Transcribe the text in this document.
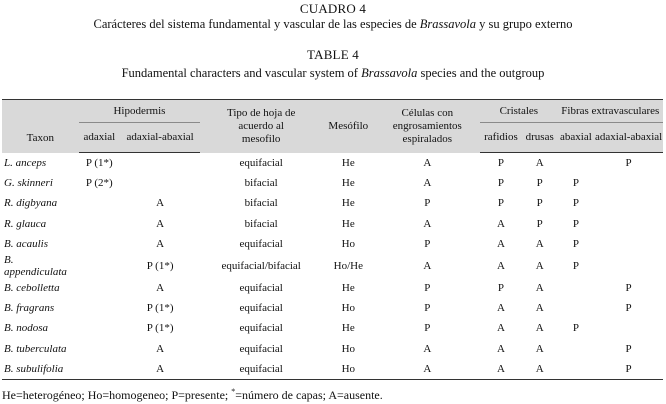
CUADRO 4
Carácteres del sistema fundamental y vascular de las especies de Brassavola y su grupo externo
TABLE 4
Fundamental characters and vascular system of Brassavola species and the outgroup
Taxon	Hipodermis		Tipo de hoja de acuerdo al mesofilo	Mesófilo	Células con engrosamientos espiralados	Cristales		Fibras extravasculares	
	adaxial	adaxial-abaxial				rafidios	drusas	abaxial	adaxial-abaxial
L. anceps	P (1*)		equifacial	He	A	P	A		P
G. skinneri	P (2*)		bifacial	He	A	P	P	P	
R. digbyana		A	bifacial	He	P	P	P	P	
R. glauca		A	bifacial	He	A	A	P	P	
B. acaulis		A	equifacial	Ho	P	A	A	P	
B. appendiculata		P (1*)	equifacial/bifacial	Ho/He	A	A	A	P	
B. cebolletta		A	equifacial	He	P	P	A		P
B. fragrans		P (1*)	equifacial	Ho	P	A	A		P
B. nodosa		P (1*)	equifacial	He	P	A	A	P	
B. tuberculata		A	equifacial	Ho	A	A	A		P
B. subulifolia		A	equifacial	Ho	A	A	A		P
He=heterogéneo; Ho=homogeneo; P=presente; *=número de capas; A=ausente.
